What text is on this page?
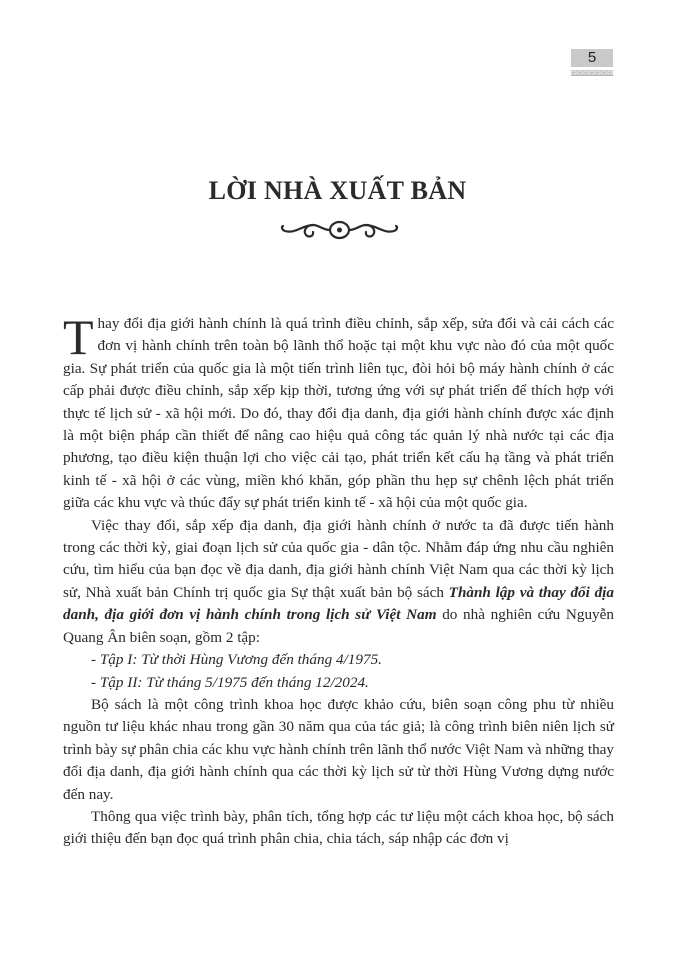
5
LỜI NHÀ XUẤT BẢN

Thay đổi địa giới hành chính là quá trình điều chỉnh, sắp xếp, sửa đổi và cải cách các đơn vị hành chính trên toàn bộ lãnh thổ hoặc tại một khu vực nào đó của một quốc gia. Sự phát triển của quốc gia là một tiến trình liên tục, đòi hỏi bộ máy hành chính ở các cấp phải được điều chỉnh, sắp xếp kịp thời, tương ứng với sự phát triển để thích hợp với thực tế lịch sử - xã hội mới. Do đó, thay đổi địa danh, địa giới hành chính được xác định là một biện pháp cần thiết để nâng cao hiệu quả công tác quản lý nhà nước tại các địa phương, tạo điều kiện thuận lợi cho việc cải tạo, phát triển kết cấu hạ tầng và phát triển kinh tế - xã hội ở các vùng, miền khó khăn, góp phần thu hẹp sự chênh lệch phát triển giữa các khu vực và thúc đẩy sự phát triển kinh tế - xã hội của một quốc gia.

Việc thay đổi, sắp xếp địa danh, địa giới hành chính ở nước ta đã được tiến hành trong các thời kỳ, giai đoạn lịch sử của quốc gia - dân tộc. Nhằm đáp ứng nhu cầu nghiên cứu, tìm hiểu của bạn đọc về địa danh, địa giới hành chính Việt Nam qua các thời kỳ lịch sử, Nhà xuất bản Chính trị quốc gia Sự thật xuất bản bộ sách Thành lập và thay đổi địa danh, địa giới đơn vị hành chính trong lịch sử Việt Nam do nhà nghiên cứu Nguyễn Quang Ân biên soạn, gồm 2 tập:

- Tập I: Từ thời Hùng Vương đến tháng 4/1975.

- Tập II: Từ tháng 5/1975 đến tháng 12/2024.

Bộ sách là một công trình khoa học được khảo cứu, biên soạn công phu từ nhiều nguồn tư liệu khác nhau trong gần 30 năm qua của tác giả; là công trình biên niên lịch sử trình bày sự phân chia các khu vực hành chính trên lãnh thổ nước Việt Nam và những thay đổi địa danh, địa giới hành chính qua các thời kỳ lịch sử từ thời Hùng Vương dựng nước đến nay.

Thông qua việc trình bày, phân tích, tổng hợp các tư liệu một cách khoa học, bộ sách giới thiệu đến bạn đọc quá trình phân chia, chia tách, sáp nhập các đơn vị
